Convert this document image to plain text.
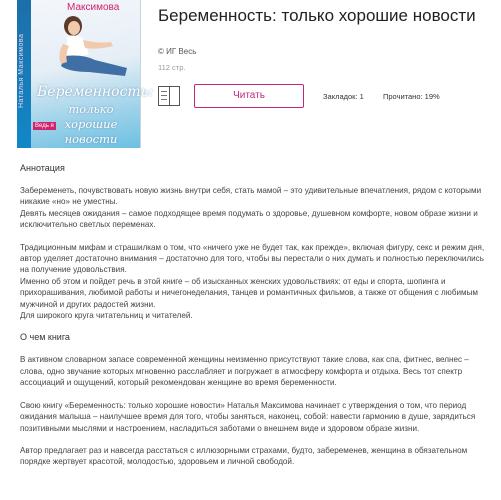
Наталья Максимова
Максимова
Беременность:
только хорошие
новости
Ведь я
Беременность: только хорошие новости
© ИГ Весь
112 стр.
Читать	Закладок: 1	Прочитано: 19%
Аннотация

Забеременеть, почувствовать новую жизнь внутри себя, стать мамой – это удивительные впечатления, рядом с которыми никакие «но» не уместны.

Девять месяцев ожидания – самое подходящее время подумать о здоровье, душевном комфорте, новом образе жизни и исключительно светлых переменах.

Традиционным мифам и страшилкам о том, что «ничего уже не будет так, как прежде», включая фигуру, секс и режим дня, автор уделяет достаточно внимания – достаточно для того, чтобы вы перестали о них думать и полностью переключились на получение удовольствия.

Именно об этом и пойдет речь в этой книге – об изысканных женских удовольствиях: от еды и спорта, шопинга и прихорашивания, любимой работы и ничегонеделания, танцев и романтичных фильмов, а также от общения с любимым мужчиной и других радостей жизни.

Для широкого круга читательниц и читателей.

О чем книга

В активном словарном запасе современной женщины неизменно присутствуют такие слова, как спа, фитнес, велнес – слова, одно звучание которых мгновенно расслабляет и погружает в атмосферу комфорта и отдыха. Весь тот спектр ассоциаций и ощущений, который рекомендован женщине во время беременности.

Свою книгу «Беременность: только хорошие новости» Наталья Максимова начинает с утверждения о том, что период ожидания малыша – наилучшее время для того, чтобы заняться, наконец, собой: навести гармонию в душе, зарядиться позитивными мыслями и настроением, насладиться заботами о внешнем виде и здоровом образе жизни.

Автор предлагает раз и навсегда расстаться с иллюзорными страхами, будто, забеременев, женщина в обязательном порядке жертвует красотой, молодостью, здоровьем и личной свободой.
